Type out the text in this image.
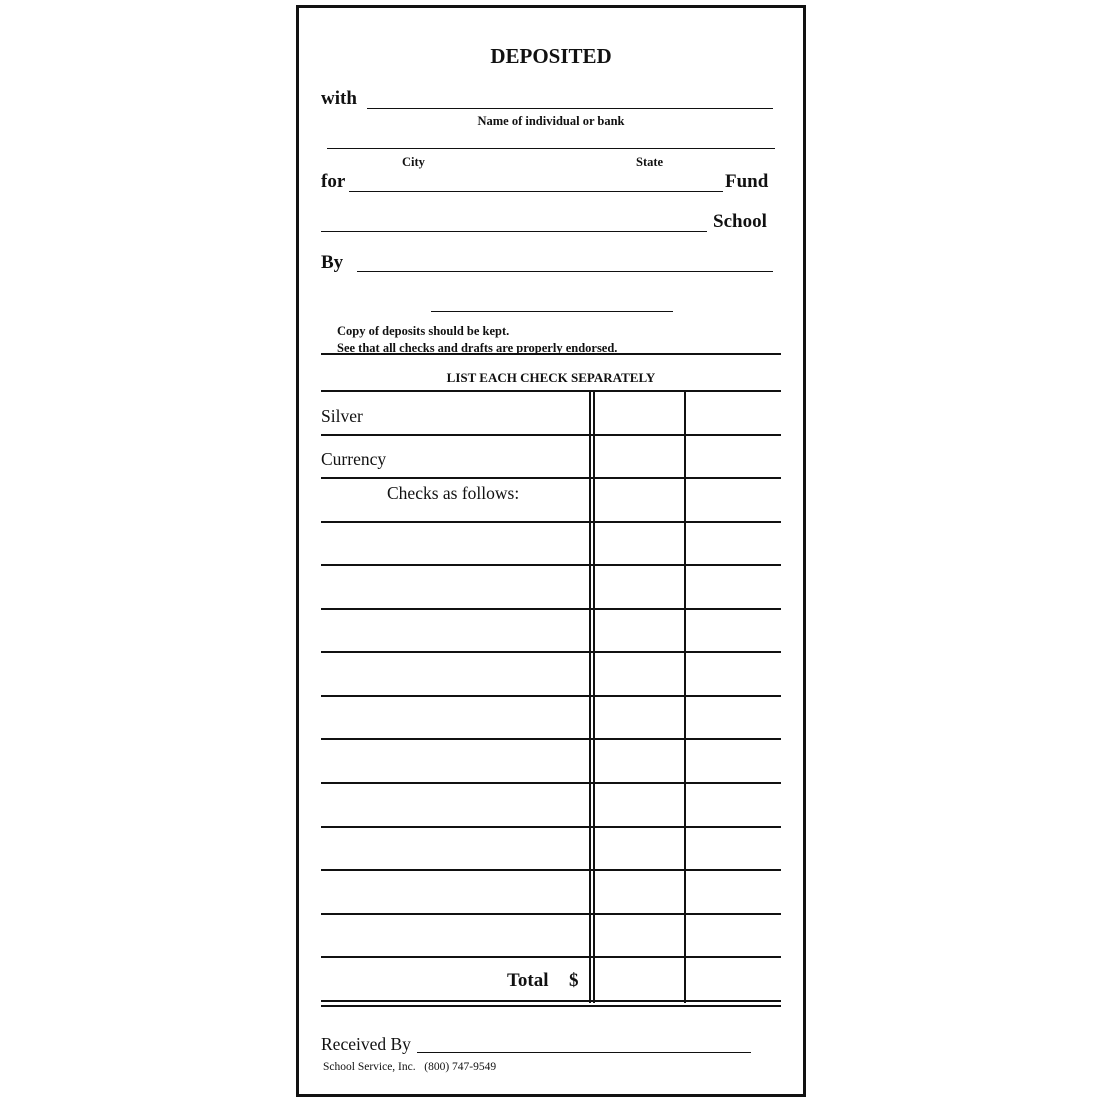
DEPOSITED
with
Name of individual or bank
City	State
for	Fund
School
By
Copy of deposits should be kept.
See that all checks and drafts are properly endorsed.
LIST EACH CHECK SEPARATELY
Silver
Currency
Checks as follows:
Total $
Received By
School Service, Inc.   (800) 747-9549
